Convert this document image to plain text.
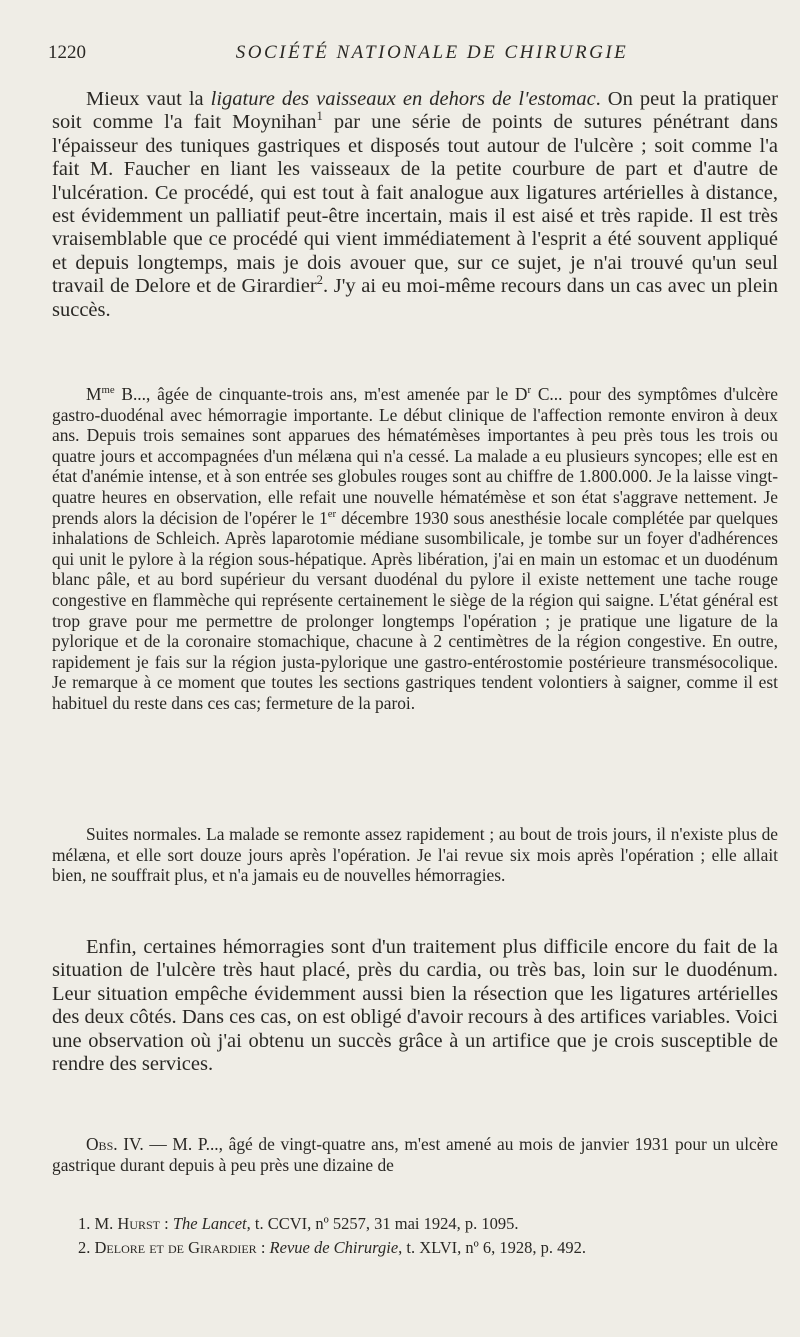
1220	SOCIÉTÉ NATIONALE DE CHIRURGIE

Mieux vaut la ligature des vaisseaux en dehors de l'estomac. On peut la pratiquer soit comme l'a fait Moynihan$^1$ par une série de points de sutures pénétrant dans l'épaisseur des tuniques gastriques et disposés tout autour de l'ulcère ; soit comme l'a fait M. Faucher en liant les vaisseaux de la petite courbure de part et d'autre de l'ulcération. Ce procédé, qui est tout à fait analogue aux ligatures artérielles à distance, est évidemment un palliatif peut-être incertain, mais il est aisé et très rapide. Il est très vraisemblable que ce procédé qui vient immédiatement à l'esprit a été souvent appliqué et depuis longtemps, mais je dois avouer que, sur ce sujet, je n'ai trouvé qu'un seul travail de Delore et de Girardier$^2$. J'y ai eu moi-même recours dans un cas avec un plein succès.

$M^{me}$ B..., âgée de cinquante-trois ans, m'est amenée par le $D^r$ C... pour des symptômes d'ulcère gastro-duodénal avec hémorragie importante. Le début clinique de l'affection remonte environ à deux ans. Depuis trois semaines sont apparues des hématémèses importantes à peu près tous les trois ou quatre jours et accompagnées d'un mélæna qui n'a cessé. La malade a eu plusieurs syncopes; elle est en état d'anémie intense, et à son entrée ses globules rouges sont au chiffre de 1.800.000. Je la laisse vingt-quatre heures en observation, elle refait une nouvelle hématémèse et son état s'aggrave nettement. Je prends alors la décision de l'opérer le 1er décembre 1930 sous anesthésie locale complétée par quelques inhalations de Schleich. Après laparotomie médiane susombilicale, je tombe sur un foyer d'adhérences qui unit le pylore à la région sous-hépatique. Après libération, j'ai en main un estomac et un duodénum blanc pâle, et au bord supérieur du versant duodénal du pylore il existe nettement une tache rouge congestive en flammèche qui représente certainement le siège de la région qui saigne. L'état général est trop grave pour me permettre de prolonger longtemps l'opération ; je pratique une ligature de la pylorique et de la coronaire stomachique, chacune à 2 centimètres de la région congestive. En outre, rapidement je fais sur la région justa-pylorique une gastro-entérostomie postérieure transmésocolique. Je remarque à ce moment que toutes les sections gastriques tendent volontiers à saigner, comme il est habituel du reste dans ces cas; fermeture de la paroi.

Suites normales. La malade se remonte assez rapidement ; au bout de trois jours, il n'existe plus de mélæna, et elle sort douze jours après l'opération. Je l'ai revue six mois après l'opération ; elle allait bien, ne souffrait plus, et n'a jamais eu de nouvelles hémorragies.

Enfin, certaines hémorragies sont d'un traitement plus difficile encore du fait de la situation de l'ulcère très haut placé, près du cardia, ou très bas, loin sur le duodénum. Leur situation empêche évidemment aussi bien la résection que les ligatures artérielles des deux côtés. Dans ces cas, on est obligé d'avoir recours à des artifices variables. Voici une observation où j'ai obtenu un succès grâce à un artifice que je crois susceptible de rendre des services.

Obs. IV. — M. P..., âgé de vingt-quatre ans, m'est amené au mois de janvier 1931 pour un ulcère gastrique durant depuis à peu près une dizaine de

1. M. Hurst : The Lancet, t. CCVI, nº 5257, 31 mai 1924, p. 1095.

2. Delore et de Girardier : Revue de Chirurgie, t. XLVI, nº 6, 1928, p. 492.
